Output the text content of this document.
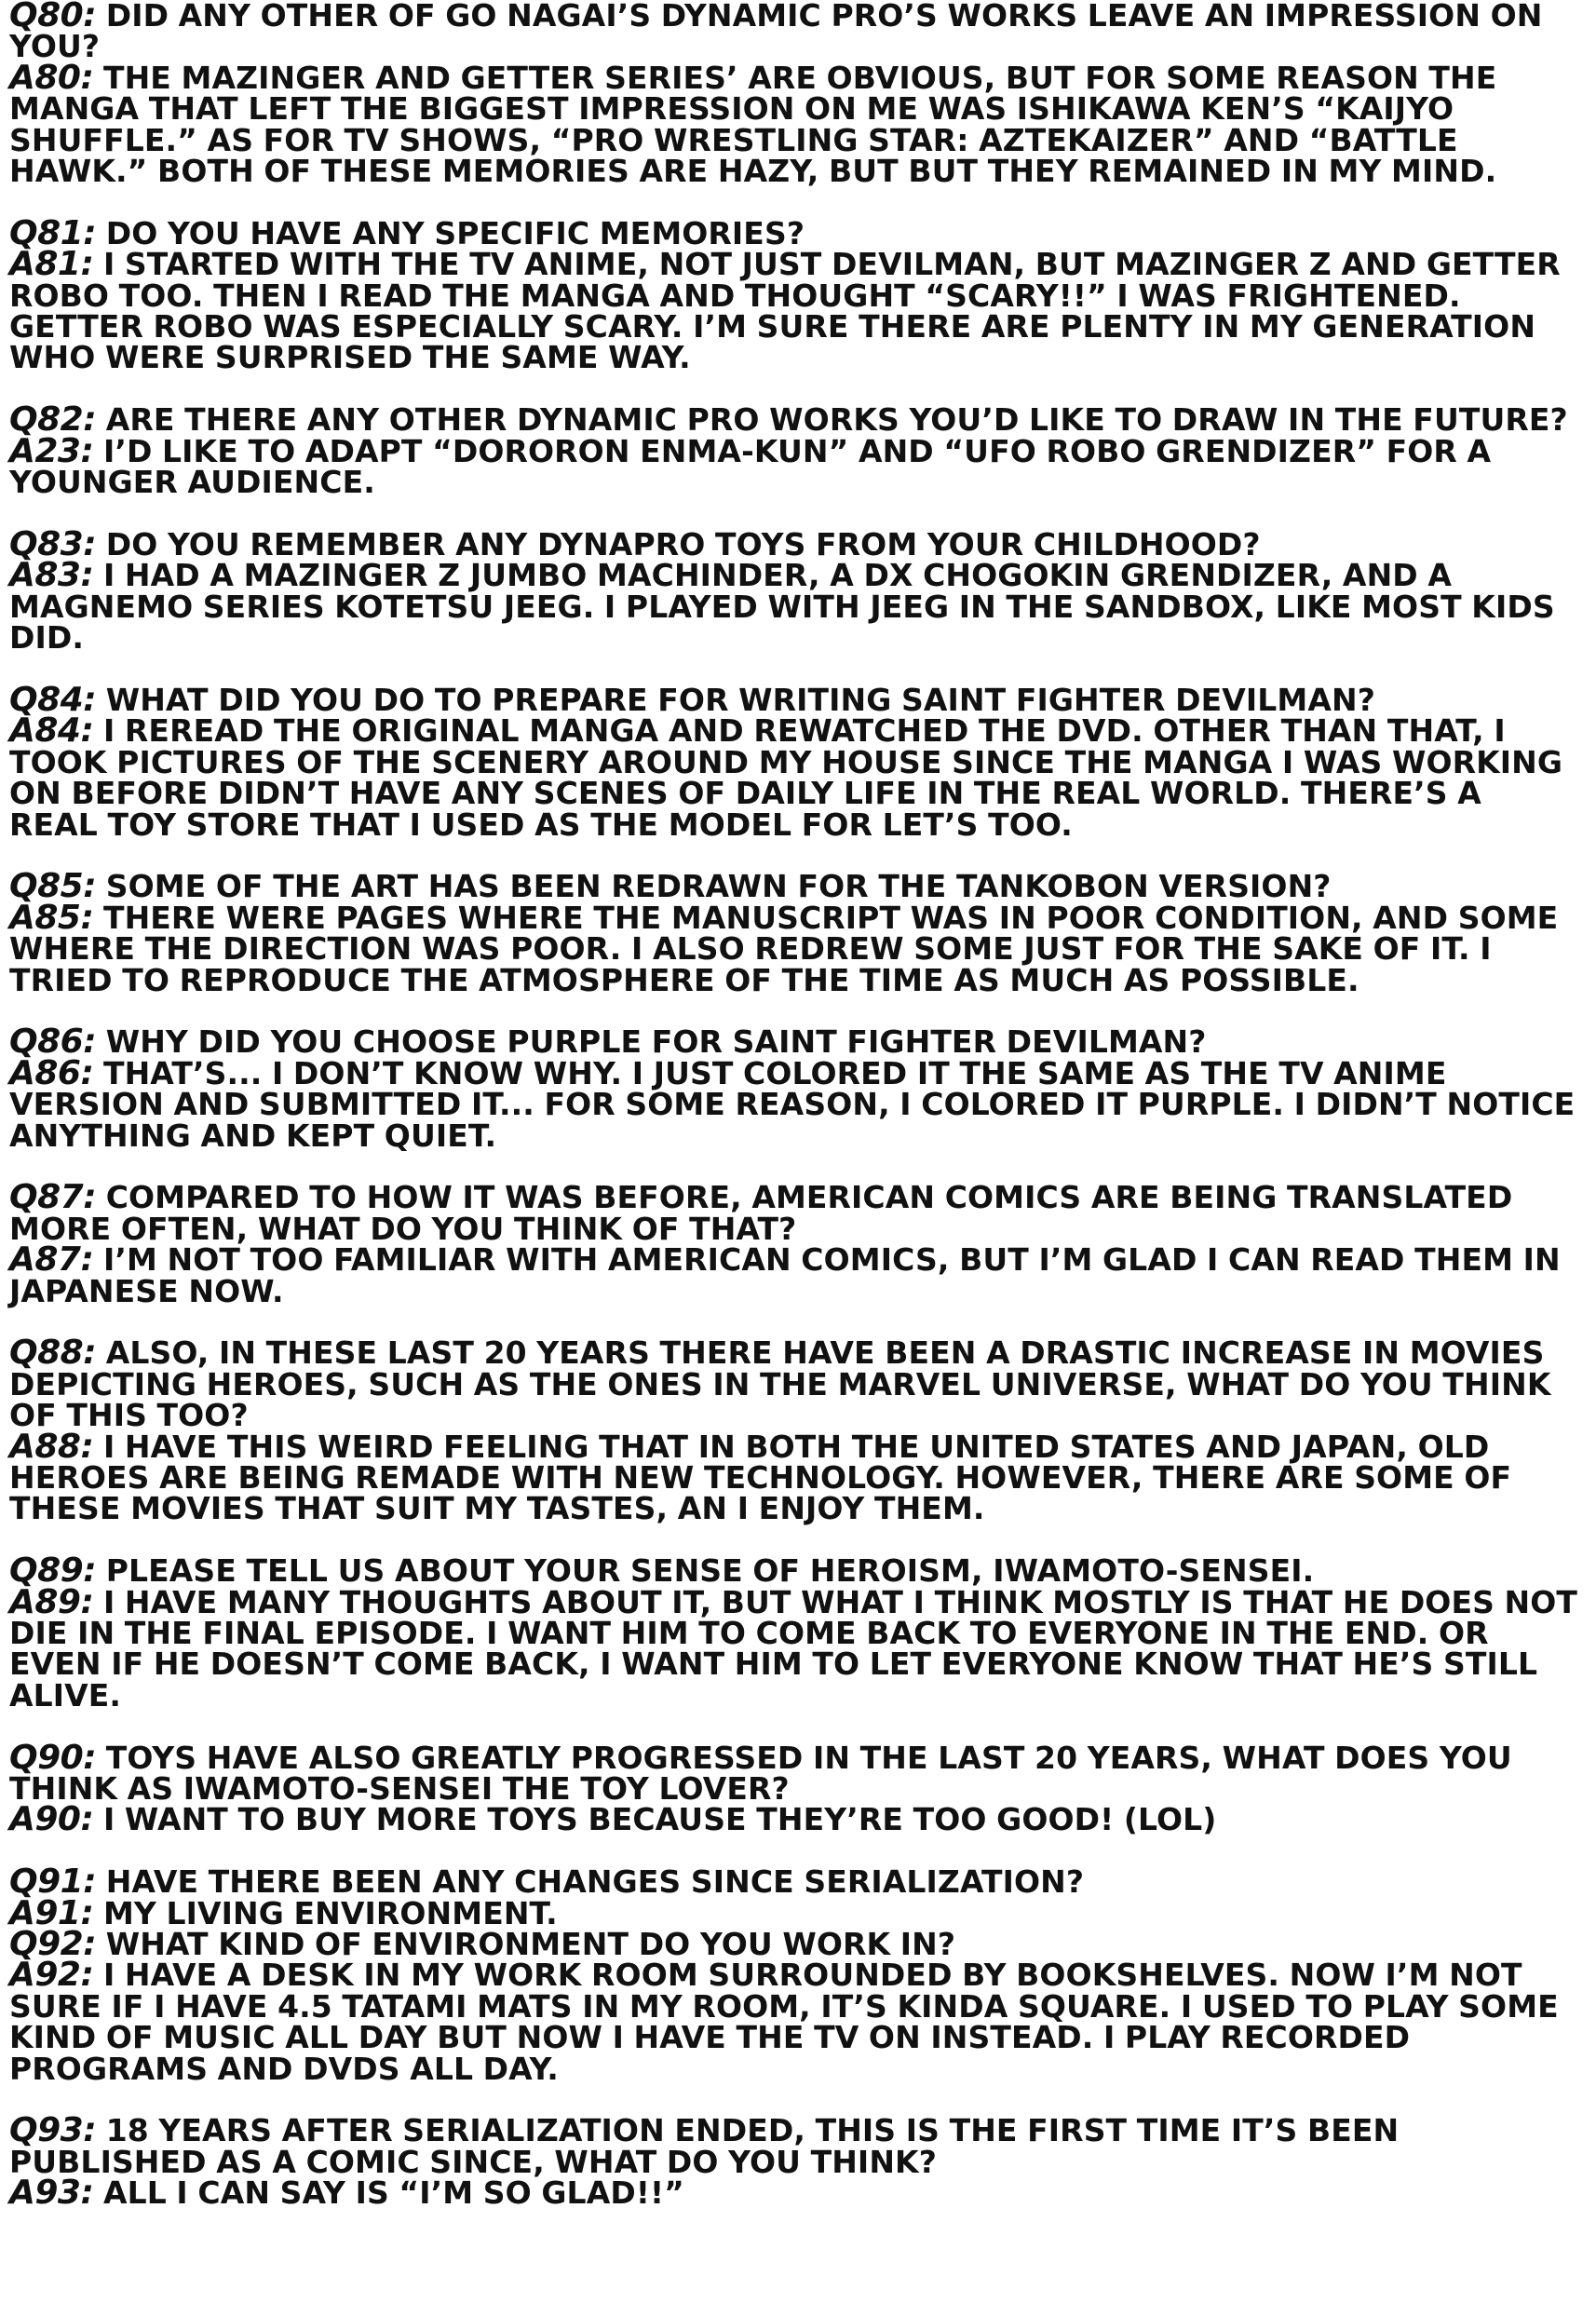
Q80: DID ANY OTHER OF GO NAGAI’S DYNAMIC PRO’S WORKS LEAVE AN IMPRESSION ON YOU?

A80: THE MAZINGER AND GETTER SERIES’ ARE OBVIOUS, BUT FOR SOME REASON THE MANGA THAT LEFT THE BIGGEST IMPRESSION ON ME WAS ISHIKAWA KEN’S “KAIJYO SHUFFLE.” AS FOR TV SHOWS, “PRO WRESTLING STAR: AZTEKAIZER” AND “BATTLE HAWK.” BOTH OF THESE MEMORIES ARE HAZY, BUT BUT THEY REMAINED IN MY MIND.

Q81: DO YOU HAVE ANY SPECIFIC MEMORIES?

A81: I STARTED WITH THE TV ANIME, NOT JUST DEVILMAN, BUT MAZINGER Z AND GETTER ROBO TOO. THEN I READ THE MANGA AND THOUGHT “SCARY!!” I WAS FRIGHTENED. GETTER ROBO WAS ESPECIALLY SCARY. I’M SURE THERE ARE PLENTY IN MY GENERATION WHO WERE SURPRISED THE SAME WAY.

Q82: ARE THERE ANY OTHER DYNAMIC PRO WORKS YOU’D LIKE TO DRAW IN THE FUTURE?

A23: I’D LIKE TO ADAPT “DORORON ENMA-KUN” AND “UFO ROBO GRENDIZER” FOR A YOUNGER AUDIENCE.

Q83: DO YOU REMEMBER ANY DYNAPRO TOYS FROM YOUR CHILDHOOD?

A83: I HAD A MAZINGER Z JUMBO MACHINDER, A DX CHOGOKIN GRENDIZER, AND A MAGNEMO SERIES KOTETSU JEEG. I PLAYED WITH JEEG IN THE SANDBOX, LIKE MOST KIDS DID.

Q84: WHAT DID YOU DO TO PREPARE FOR WRITING SAINT FIGHTER DEVILMAN?

A84: I REREAD THE ORIGINAL MANGA AND REWATCHED THE DVD. OTHER THAN THAT, I TOOK PICTURES OF THE SCENERY AROUND MY HOUSE SINCE THE MANGA I WAS WORKING ON BEFORE DIDN’T HAVE ANY SCENES OF DAILY LIFE IN THE REAL WORLD. THERE’S A REAL TOY STORE THAT I USED AS THE MODEL FOR LET’S TOO.

Q85: SOME OF THE ART HAS BEEN REDRAWN FOR THE TANKOBON VERSION?

A85: THERE WERE PAGES WHERE THE MANUSCRIPT WAS IN POOR CONDITION, AND SOME WHERE THE DIRECTION WAS POOR. I ALSO REDREW SOME JUST FOR THE SAKE OF IT. I TRIED TO REPRODUCE THE ATMOSPHERE OF THE TIME AS MUCH AS POSSIBLE.

Q86: WHY DID YOU CHOOSE PURPLE FOR SAINT FIGHTER DEVILMAN?

A86: THAT’S... I DON’T KNOW WHY. I JUST COLORED IT THE SAME AS THE TV ANIME VERSION AND SUBMITTED IT... FOR SOME REASON, I COLORED IT PURPLE. I DIDN’T NOTICE ANYTHING AND KEPT QUIET.

Q87: COMPARED TO HOW IT WAS BEFORE, AMERICAN COMICS ARE BEING TRANSLATED MORE OFTEN, WHAT DO YOU THINK OF THAT?

A87: I’M NOT TOO FAMILIAR WITH AMERICAN COMICS, BUT I’M GLAD I CAN READ THEM IN JAPANESE NOW.

Q88: ALSO, IN THESE LAST 20 YEARS THERE HAVE BEEN A DRASTIC INCREASE IN MOVIES DEPICTING HEROES, SUCH AS THE ONES IN THE MARVEL UNIVERSE, WHAT DO YOU THINK OF THIS TOO?

A88: I HAVE THIS WEIRD FEELING THAT IN BOTH THE UNITED STATES AND JAPAN, OLD HEROES ARE BEING REMADE WITH NEW TECHNOLOGY. HOWEVER, THERE ARE SOME OF THESE MOVIES THAT SUIT MY TASTES, AN I ENJOY THEM.

Q89: PLEASE TELL US ABOUT YOUR SENSE OF HEROISM, IWAMOTO-SENSEI.

A89: I HAVE MANY THOUGHTS ABOUT IT, BUT WHAT I THINK MOSTLY IS THAT HE DOES NOT DIE IN THE FINAL EPISODE. I WANT HIM TO COME BACK TO EVERYONE IN THE END. OR EVEN IF HE DOESN’T COME BACK, I WANT HIM TO LET EVERYONE KNOW THAT HE’S STILL ALIVE.

Q90: TOYS HAVE ALSO GREATLY PROGRESSED IN THE LAST 20 YEARS, WHAT DOES YOU THINK AS IWAMOTO-SENSEI THE TOY LOVER?

A90: I WANT TO BUY MORE TOYS BECAUSE THEY’RE TOO GOOD! (LOL)

Q91: HAVE THERE BEEN ANY CHANGES SINCE SERIALIZATION?

A91: MY LIVING ENVIRONMENT.

Q92: WHAT KIND OF ENVIRONMENT DO YOU WORK IN?

A92: I HAVE A DESK IN MY WORK ROOM SURROUNDED BY BOOKSHELVES. NOW I’M NOT SURE IF I HAVE 4.5 TATAMI MATS IN MY ROOM, IT’S KINDA SQUARE. I USED TO PLAY SOME KIND OF MUSIC ALL DAY BUT NOW I HAVE THE TV ON INSTEAD. I PLAY RECORDED PROGRAMS AND DVDS ALL DAY.

Q93: 18 YEARS AFTER SERIALIZATION ENDED, THIS IS THE FIRST TIME IT’S BEEN PUBLISHED AS A COMIC SINCE, WHAT DO YOU THINK?

A93: ALL I CAN SAY IS “I’M SO GLAD!!”
